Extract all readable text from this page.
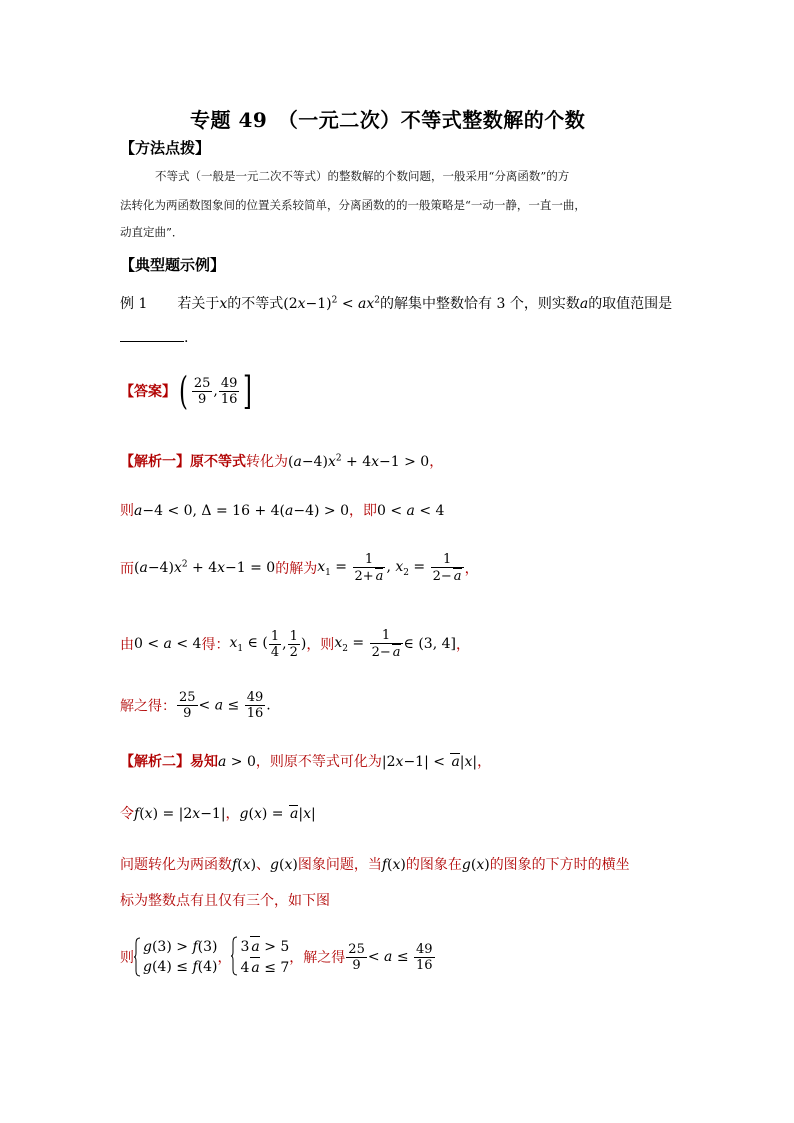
专题 49　（一元二次）不等式整数解的个数
【方法点拨】
不等式（一般是一元二次不等式）的整数解的个数问题，一般采用“分离函数”的方
法转化为两函数图象间的位置关系较简单，分离函数的的一般策略是“一动一静，一直一曲，
动直定曲”．
【典型题示例】
例 1 若关于x的不等式$(2x-1)^2 < ax^2$的解集中整数恰有 3 个，则实数a的取值范围是
.
【答案】( $\frac{25}{9}$ , $\frac{49}{16}$ ]
【解析一】原不等式转化为$(a-4)x^2 + 4x-1 > 0$，
则a−4 < 0, Δ = 16 + 4(a−4) > 0，即0 < a < 4
而$(a-4)x^2 + 4x-1 = 0$的解为$x_1 = \frac{1}{2+ a}$ , $x_2 = \frac{1}{2- a}$ ，
由0 < a < 4得：$x_1$ ∈ ( $\frac{1}{4}$ , $\frac{1}{2}$ )，则$x_2 = \frac{1}{2- a}$ ∈ (3, 4]，
解之得： $\frac{25}{9} < a \le \frac{49}{16}$ .
【解析二】易知a > 0，则原不等式可化为|2x−1| < a|x|，
令f(x) = |2x−1|，g(x) = a|x|
问题转化为两函数f(x)、g(x)图象问题，当f(x)的图象在g(x)的图象的下方时的横坐
标为整数点有且仅有三个，如下图
则
g(3) > f(3)
g(4) ≤ f(4)
，
3 a > 5
4 a ≤ 7
，解之得 $\frac{25}{9} < a \le \frac{49}{16}$
